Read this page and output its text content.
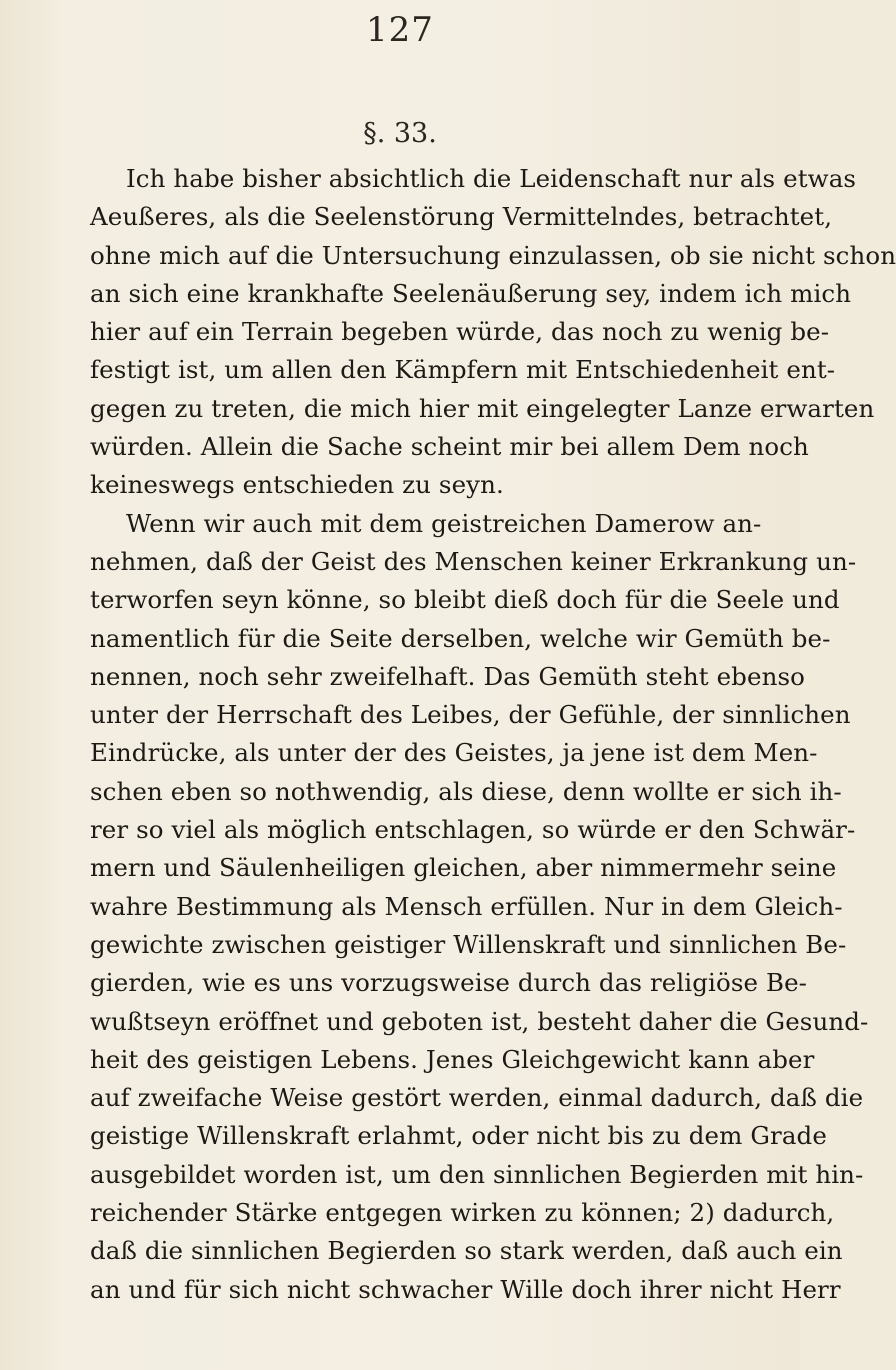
127
§. 33.
Ich habe bisher absichtlich die Leidenschaft nur als etwas
Aeußeres, als die Seelenstörung Vermittelndes, betrachtet,
ohne mich auf die Untersuchung einzulassen, ob sie nicht schon
an sich eine krankhafte Seelenäußerung sey, indem ich mich
hier auf ein Terrain begeben würde, das noch zu wenig be-
festigt ist, um allen den Kämpfern mit Entschiedenheit ent-
gegen zu treten, die mich hier mit eingelegter Lanze erwarten
würden. Allein die Sache scheint mir bei allem Dem noch
keineswegs entschieden zu seyn.
Wenn wir auch mit dem geistreichen Damerow an-
nehmen, daß der Geist des Menschen keiner Erkrankung un-
terworfen seyn könne, so bleibt dieß doch für die Seele und
namentlich für die Seite derselben, welche wir Gemüth be-
nennen, noch sehr zweifelhaft. Das Gemüth steht ebenso
unter der Herrschaft des Leibes, der Gefühle, der sinnlichen
Eindrücke, als unter der des Geistes, ja jene ist dem Men-
schen eben so nothwendig, als diese, denn wollte er sich ih-
rer so viel als möglich entschlagen, so würde er den Schwär-
mern und Säulenheiligen gleichen, aber nimmermehr seine
wahre Bestimmung als Mensch erfüllen. Nur in dem Gleich-
gewichte zwischen geistiger Willenskraft und sinnlichen Be-
gierden, wie es uns vorzugsweise durch das religiöse Be-
wußtseyn eröffnet und geboten ist, besteht daher die Gesund-
heit des geistigen Lebens. Jenes Gleichgewicht kann aber
auf zweifache Weise gestört werden, einmal dadurch, daß die
geistige Willenskraft erlahmt, oder nicht bis zu dem Grade
ausgebildet worden ist, um den sinnlichen Begierden mit hin-
reichender Stärke entgegen wirken zu können; 2) dadurch,
daß die sinnlichen Begierden so stark werden, daß auch ein
an und für sich nicht schwacher Wille doch ihrer nicht Herr
